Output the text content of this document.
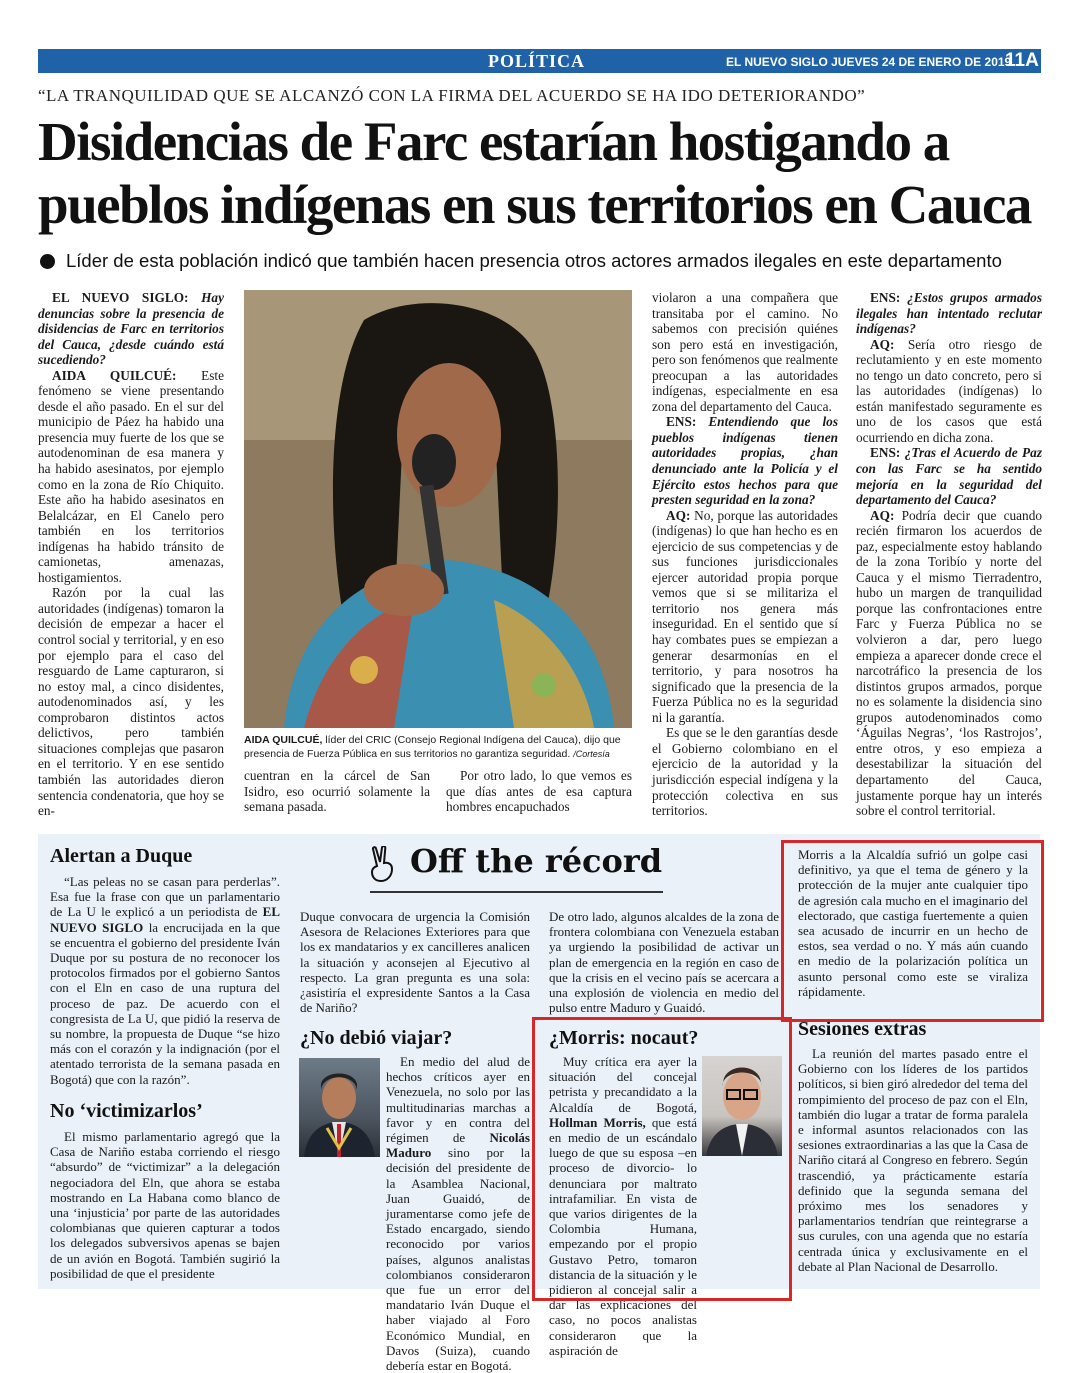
POLÍTICA	EL NUEVO SIGLO JUEVES 24 DE ENERO DE 2019
11A
“LA TRANQUILIDAD QUE SE ALCANZÓ CON LA FIRMA DEL ACUERDO SE HA IDO DETERIORANDO”
Disidencias de Farc estarían hostigando a
pueblos indígenas en sus territorios en Cauca
Líder de esta población indicó que también hacen presencia otros actores armados ilegales en este departamento

EL NUEVO SIGLO: Hay denuncias sobre la presencia de disidencias de Farc en territorios del Cauca, ¿desde cuándo está sucediendo?

AIDA QUILCUÉ: Este fenómeno se viene presentando desde el año pasado. En el sur del municipio de Páez ha habido una presencia muy fuerte de los que se autodenominan de esa manera y ha habido asesinatos, por ejemplo como en la zona de Río Chiquito. Este año ha habido asesinatos en Belalcázar, en El Canelo pero también en los territorios indígenas ha habido tránsito de camionetas, amenazas, hostigamientos.

Razón por la cual las autoridades (indígenas) tomaron la decisión de empezar a hacer el control social y territorial, y en eso por ejemplo para el caso del resguardo de Lame capturaron, si no estoy mal, a cinco disidentes, autodenominados así, y les comprobaron distintos actos delictivos, pero también situaciones complejas que pasaron en el territorio. Y en ese sentido también las autoridades dieron sentencia condenatoria, que hoy se en-

AIDA QUILCUÉ, líder del CRIC (Consejo Regional Indígena del Cauca), dijo que presencia de Fuerza Pública en sus territorios no garantiza seguridad. /Cortesía

cuentran en la cárcel de San Isidro, eso ocurrió solamente la semana pasada.

Por otro lado, lo que vemos es que días antes de esa captura hombres encapuchados

violaron a una compañera que transitaba por el camino. No sabemos con precisión quiénes son pero está en investigación, pero son fenómenos que realmente preocupan a las autoridades indígenas, especialmente en esa zona del departamento del Cauca.

ENS: Entendiendo que los pueblos indígenas tienen autoridades propias, ¿han denunciado ante la Policía y el Ejército estos hechos para que presten seguridad en la zona?

AQ: No, porque las autoridades (indígenas) lo que han hecho es en ejercicio de sus competencias y de sus funciones jurisdiccionales ejercer autoridad propia porque vemos que si se militariza el territorio nos genera más inseguridad. En el sentido que sí hay combates pues se empiezan a generar desarmonías en el territorio, y para nosotros ha significado que la presencia de la Fuerza Pública no es la seguridad ni la garantía.

Es que se le den garantías desde el Gobierno colombiano en el ejercicio de la autoridad y la jurisdicción especial indígena y la protección colectiva en sus territorios.

ENS: ¿Estos grupos armados ilegales han intentado reclutar indígenas?

AQ: Sería otro riesgo de reclutamiento y en este momento no tengo un dato concreto, pero si las autoridades (indígenas) lo están manifestado seguramente es uno de los casos que está ocurriendo en dicha zona.

ENS: ¿Tras el Acuerdo de Paz con las Farc se ha sentido mejoría en la seguridad del departamento del Cauca?

AQ: Podría decir que cuando recién firmaron los acuerdos de paz, especialmente estoy hablando de la zona Toribío y norte del Cauca y el mismo Tierradentro, hubo un margen de tranquilidad porque las confrontaciones entre Farc y Fuerza Pública no se volvieron a dar, pero luego empieza a aparecer donde crece el narcotráfico la presencia de los distintos grupos armados, porque no es solamente la disidencia sino grupos autodenominados como ‘Águilas Negras’, ‘los Rastrojos’, entre otros, y eso empieza a desestabilizar la situación del departamento del Cauca, justamente porque hay un interés sobre el control territorial.

Off the récord
Alertan a Duque

“Las peleas no se casan para perderlas”. Esa fue la frase con que un parlamentario de La U le explicó a un periodista de EL NUEVO SIGLO la encrucijada en la que se encuentra el gobierno del presidente Iván Duque por su postura de no reconocer los protocolos firmados por el gobierno Santos con el Eln en caso de una ruptura del proceso de paz. De acuerdo con el congresista de La U, que pidió la reserva de su nombre, la propuesta de Duque “se hizo más con el corazón y la indignación (por el atentado terrorista de la semana pasada en Bogotá) que con la razón”.

No ‘victimizarlos’

El mismo parlamentario agregó que la Casa de Nariño estaba corriendo el riesgo “absurdo” de “victimizar” a la delegación negociadora del Eln, que ahora se estaba mostrando en La Habana como blanco de una ‘injusticia’ por parte de las autoridades colombianas que quieren capturar a todos los delegados subversivos apenas se bajen de un avión en Bogotá. También sugirió la posibilidad de que el presidente

Duque convocara de urgencia la Comisión Asesora de Relaciones Exteriores para que los ex mandatarios y ex cancilleres analicen la situación y aconsejen al Ejecutivo al respecto. La gran pregunta es una sola: ¿asistiría el expresidente Santos a la Casa de Nariño?

¿No debió viajar?

En medio del alud de hechos críticos ayer en Venezuela, no solo por las multitudinarias marchas a favor y en contra del régimen de Nicolás Maduro sino por la decisión del presidente de la Asamblea Nacional, Juan Guaidó, de juramentarse como jefe de Estado encargado, siendo reconocido por varios países, algunos analistas colombianos consideraron que fue un error del mandatario Iván Duque el haber viajado al Foro Económico Mundial, en Davos (Suiza), cuando debería estar en Bogotá.

De otro lado, algunos alcaldes de la zona de frontera colombiana con Venezuela estaban ya urgiendo la posibilidad de activar un plan de emergencia en la región en caso de que la crisis en el vecino país se acercara a una explosión de violencia en medio del pulso entre Maduro y Guaidó.

¿Morris: nocaut?

Muy crítica era ayer la situación del concejal petrista y precandidato a la Alcaldía de Bogotá, Hollman Morris, que está en medio de un escándalo luego de que su esposa –en proceso de divorcio- lo denunciara por maltrato intrafamiliar. En vista de que varios dirigentes de la Colombia Humana, empezando por el propio Gustavo Petro, tomaron distancia de la situación y le pidieron al concejal salir a dar las explicaciones del caso, no pocos analistas consideraron que la aspiración de

Morris a la Alcaldía sufrió un golpe casi definitivo, ya que el tema de género y la protección de la mujer ante cualquier tipo de agresión cala mucho en el imaginario del electorado, que castiga fuertemente a quien sea acusado de incurrir en un hecho de estos, sea verdad o no. Y más aún cuando en medio de la polarización política un asunto personal como este se viraliza rápidamente.

Sesiones extras

La reunión del martes pasado entre el Gobierno con los líderes de los partidos políticos, si bien giró alrededor del tema del rompimiento del proceso de paz con el Eln, también dio lugar a tratar de forma paralela e informal asuntos relacionados con las sesiones extraordinarias a las que la Casa de Nariño citará al Congreso en febrero. Según trascendió, ya prácticamente estaría definido que la segunda semana del próximo mes los senadores y parlamentarios tendrían que reintegrarse a sus curules, con una agenda que no estaría centrada única y exclusivamente en el debate al Plan Nacional de Desarrollo.
